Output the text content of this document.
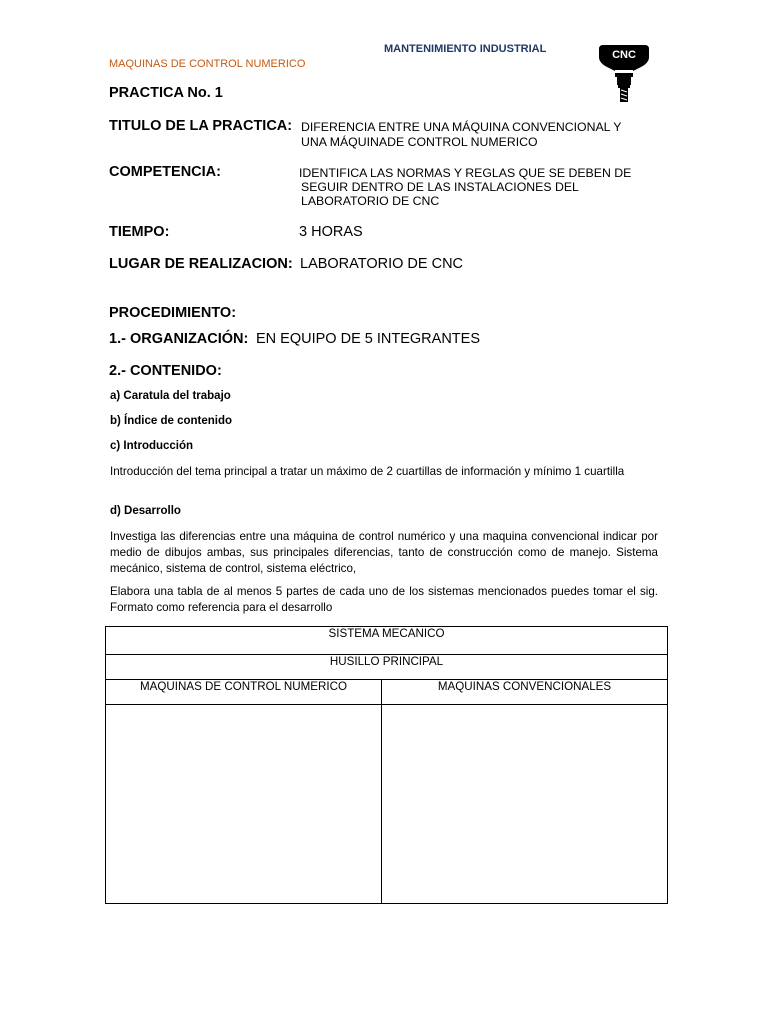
MANTENIMIENTO INDUSTRIAL
MAQUINAS DE CONTROL NUMERICO
CNC
PRACTICA No. 1
TITULO DE LA PRACTICA: DIFERENCIA ENTRE UNA MÁQUINA CONVENCIONAL Y
UNA MÁQUINADE CONTROL NUMERICO
COMPETENCIA:	IDENTIFICA LAS NORMAS Y REGLAS QUE SE DEBEN DE
SEGUIR DENTRO DE LAS INSTALACIONES DEL
LABORATORIO DE CNC
TIEMPO:	3 HORAS
LUGAR DE REALIZACION: LABORATORIO DE CNC
PROCEDIMIENTO:
1.- ORGANIZACIÓN: EN EQUIPO DE 5 INTEGRANTES
2.- CONTENIDO:
a) Caratula del trabajo
b) Índice de contenido
c) Introducción

Introducción del tema principal a tratar un máximo de 2 cuartillas de información y mínimo 1 cuartilla

d) Desarrollo

Investiga las diferencias entre una máquina de control numérico y una maquina convencional indicar por medio de dibujos ambas, sus principales diferencias, tanto de construcción como de manejo. Sistema mecánico, sistema de control, sistema eléctrico,

Elabora una tabla de al menos 5 partes de cada uno de los sistemas mencionados puedes tomar el sig. Formato como referencia para el desarrollo

SISTEMA MECANICO	
HUSILLO PRINCIPAL	
MAQUINAS DE CONTROL NUMERICO	MAQUINAS CONVENCIONALES
